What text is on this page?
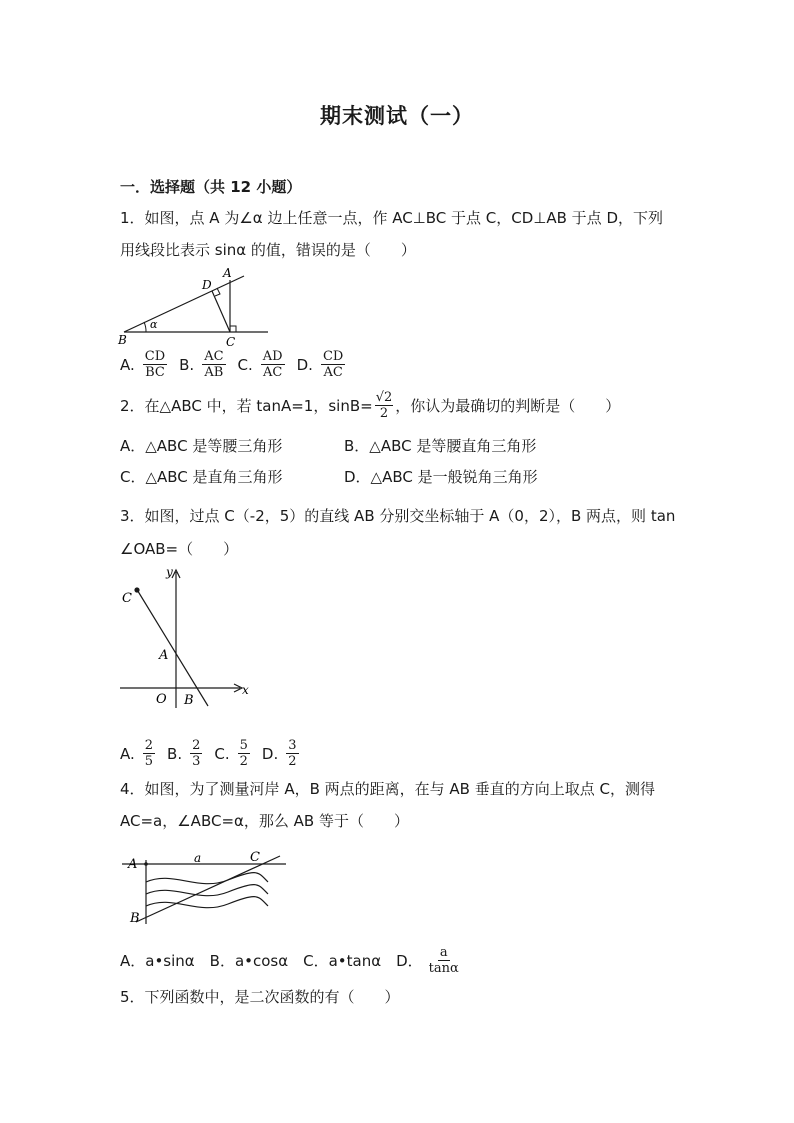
期末测试（一）
一．选择题（共 12 小题）
1．如图，点 A 为∠α 边上任意一点，作 AC⊥BC 于点 C，CD⊥AB 于点 D，下列
用线段比表示 sinα 的值，错误的是（　　）
B	C
D
A
α
A. $\frac{CD}{BC} B$. $\frac{AC}{AB} C$. $\frac{AD}{AC} D$. $\frac{CD}{AC}$
2．在△ABC 中，若 tanA=1，$\sin B= \frac{√2}{2}$ ，你认为最确切的判断是（　　）
A．△ABC 是等腰三角形	B．△ABC 是等腰直角三角形
C．△ABC 是直角三角形	D．△ABC 是一般锐角三角形
3．如图，过点 C（-2，5）的直线 AB 分别交坐标轴于 A（0，2），B 两点，则 tan
∠OAB=（　　）
y
x
C
A
O B
A. $\frac{2}{5} B$. $\frac{2}{3} C$. $\frac{5}{2} D$. $\frac{3}{2}$
4．如图，为了测量河岸 A，B 两点的距离，在与 AB 垂直的方向上取点 C，测得
AC=a，∠ABC=α，那么 AB 等于（　　）
A	a	C
B
A．a•sinα　B．a•cosα　C．a•tanα　D． $\frac{a}{\tan\alpha}$
5．下列函数中，是二次函数的有（　　）
